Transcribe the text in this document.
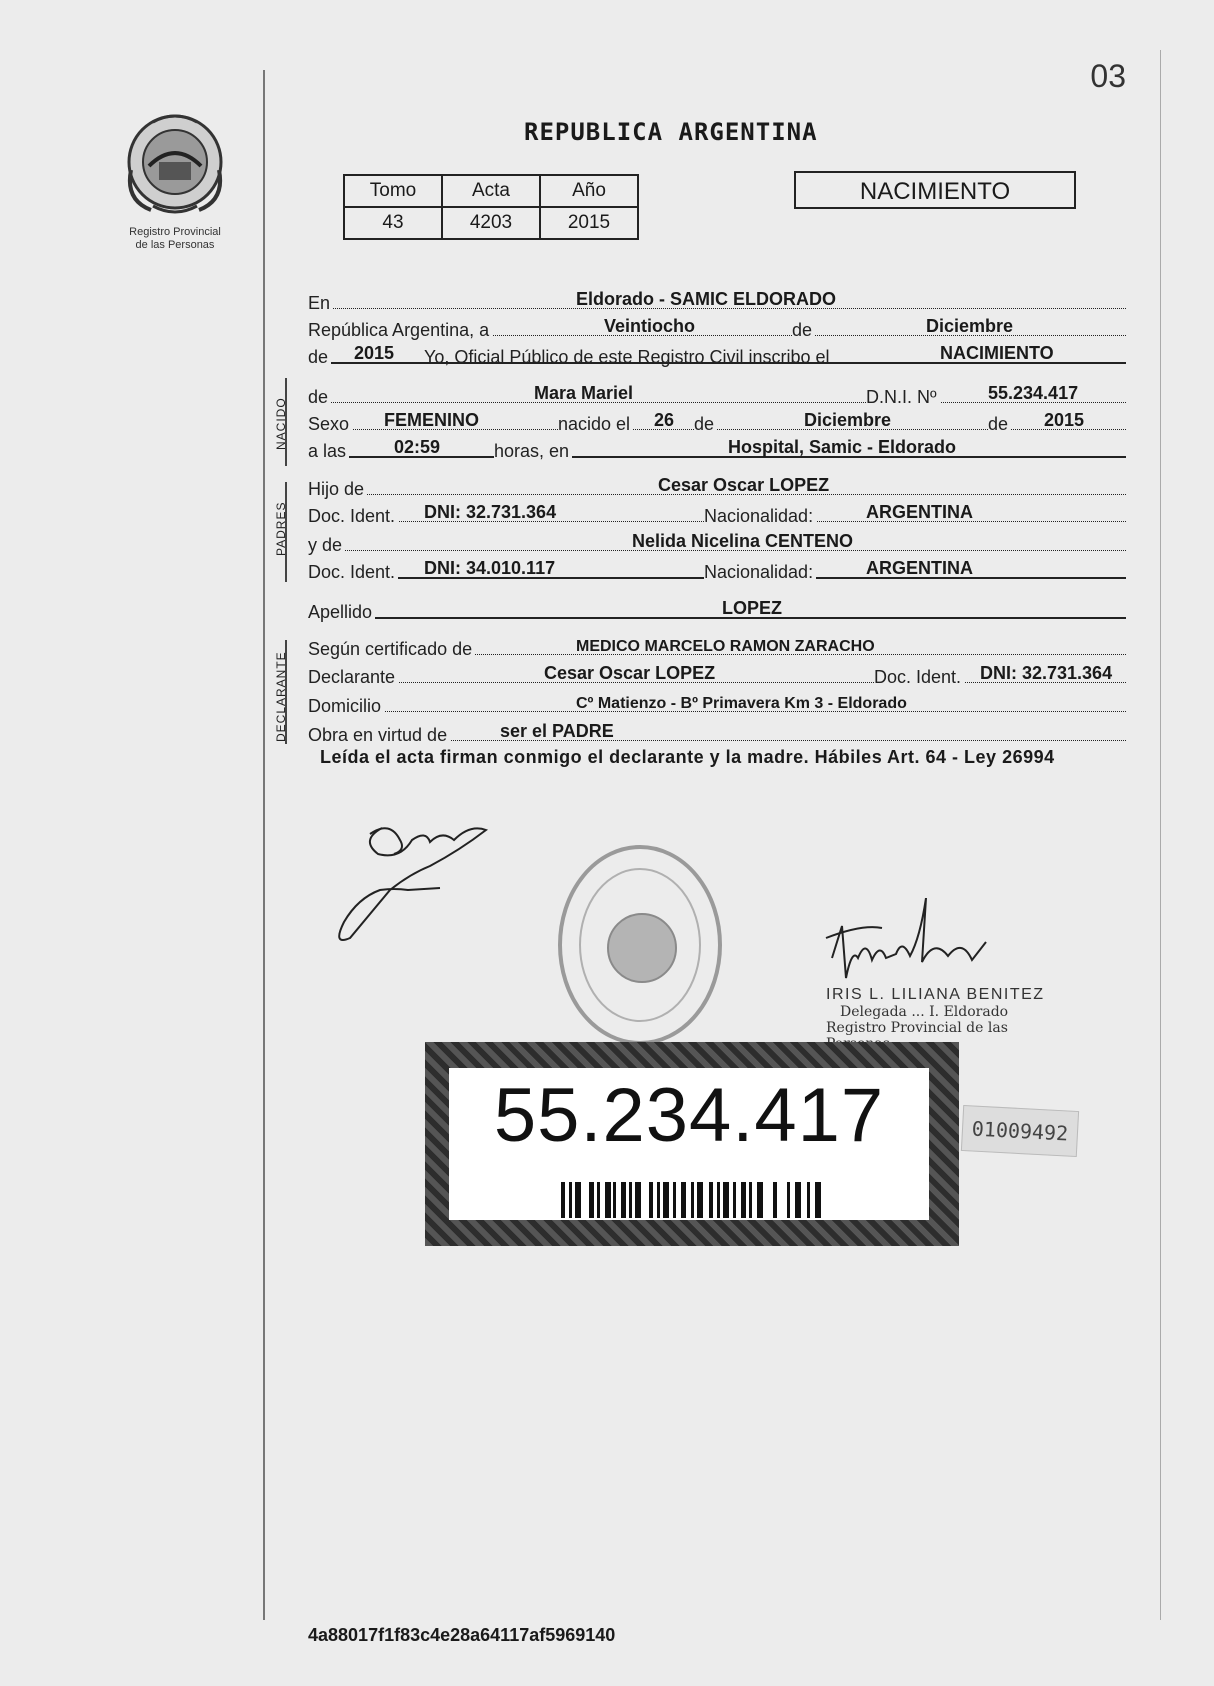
03
Registro Provincial
de las Personas
REPUBLICA ARGENTINA
Tomo	Acta	Año
43	4203	2015
NACIMIENTO
En	Eldorado - SAMIC ELDORADO
República Argentina, a	Veintiocho	de	Diciembre
de 2015 Yo, Oficial Público de este Registro Civil inscribo el	NACIMIENTO
NACIDO
de	Mara Mariel	D.N.I. Nº	55.234.417
Sexo FEMENINO	nacido el 26 de	Diciembre	de 2015
a las	02:59	horas, en	Hospital, Samic - Eldorado
PADRES
Hijo de	Cesar Oscar LOPEZ
Doc. Ident. DNI: 32.731.364	Nacionalidad:	ARGENTINA
y de	Nelida Nicelina CENTENO
Doc. Ident. DNI: 34.010.117	Nacionalidad:	ARGENTINA
Apellido	LOPEZ
DECLARANTE
Según certificado de	MEDICO MARCELO RAMON ZARACHO
Declarante	Cesar Oscar LOPEZ	Doc. Ident. DNI: 32.731.364
Domicilio	Cº Matienzo - Bº Primavera Km 3 - Eldorado
Obra en virtud de	ser el PADRE
Leída el acta firman conmigo el declarante y la madre. Hábiles Art. 64 - Ley 26994
IRIS L. LILIANA BENITEZ
Delegada ... I. Eldorado
Registro Provincial de las
55.234.417	01009492
4a88017f1f83c4e28a64117af5969140
